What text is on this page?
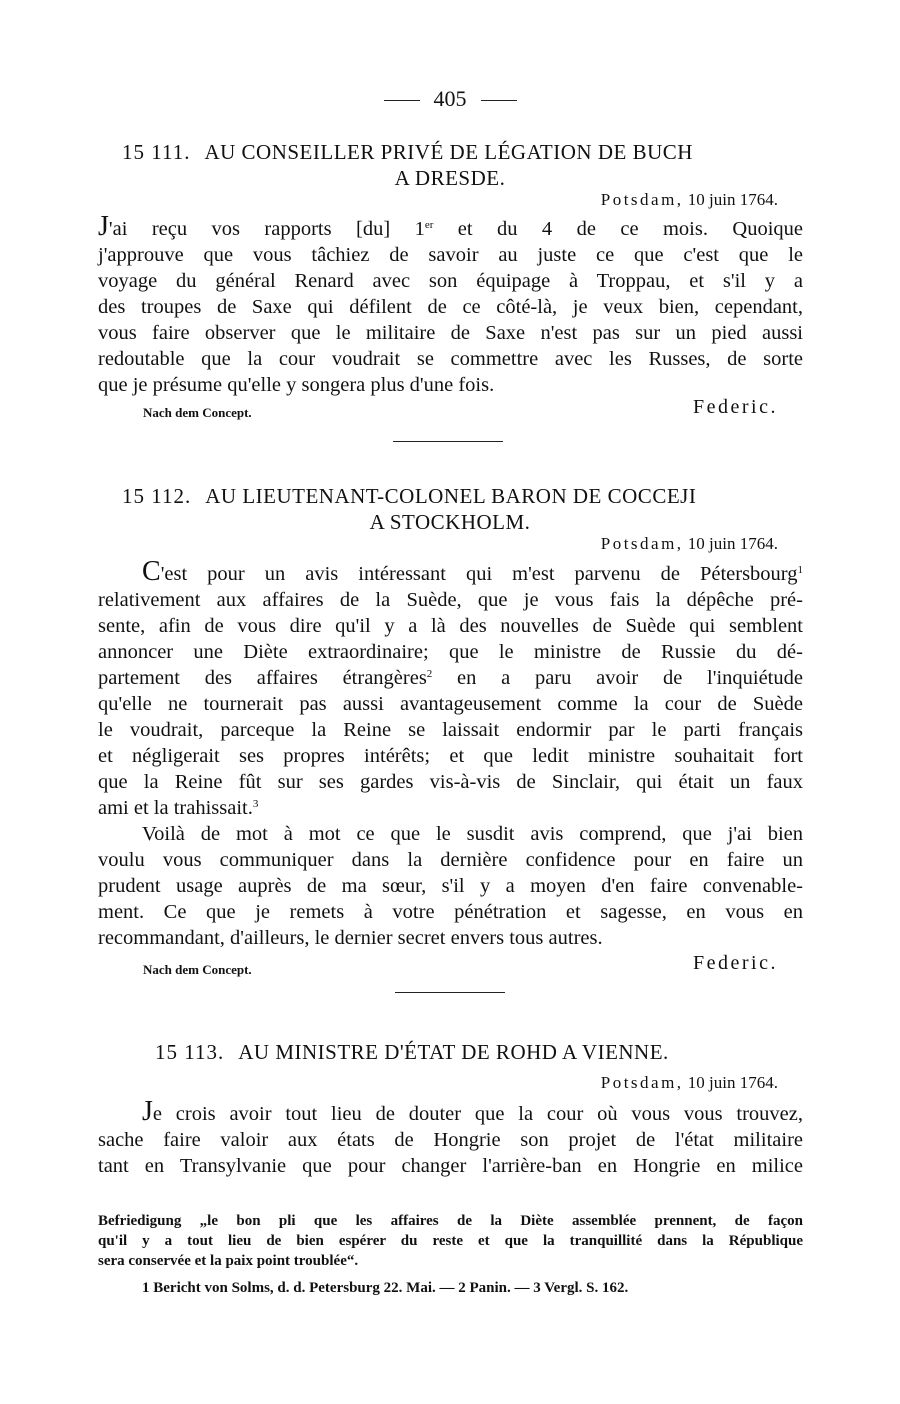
405
15 111. AU CONSEILLER PRIVÉ DE LÉGATION DE BUCH
A DRESDE.
Potsdam, 10 juin 1764.
J'ai reçu vos rapports [du] 1er et du 4 de ce mois. Quoique
j'approuve que vous tâchiez de savoir au juste ce que c'est que le
voyage du général Renard avec son équipage à Troppau, et s'il y a
des troupes de Saxe qui défilent de ce côté-là, je veux bien, cependant,
vous faire observer que le militaire de Saxe n'est pas sur un pied aussi
redoutable que la cour voudrait se commettre avec les Russes, de sorte
que je présume qu'elle y songera plus d'une fois.
Nach dem Concept.	Federic.
15 112. AU LIEUTENANT-COLONEL BARON DE COCCEJI
A STOCKHOLM.
Potsdam, 10 juin 1764.
C'est pour un avis intéressant qui m'est parvenu de Pétersbourg$^1$
relativement aux affaires de la Suède, que je vous fais la dépêche pré-
sente, afin de vous dire qu'il y a là des nouvelles de Suède qui semblent
annoncer une Diète extraordinaire; que le ministre de Russie du dé-
partement des affaires étrangères$^2$ en a paru avoir de l'inquiétude
qu'elle ne tournerait pas aussi avantageusement comme la cour de Suède
le voudrait, parceque la Reine se laissait endormir par le parti français
et négligerait ses propres intérêts; et que ledit ministre souhaitait fort
que la Reine fût sur ses gardes vis-à-vis de Sinclair, qui était un faux
ami et la trahissait.$^3$
Voilà de mot à mot ce que le susdit avis comprend, que j'ai bien
voulu vous communiquer dans la dernière confidence pour en faire un
prudent usage auprès de ma sœur, s'il y a moyen d'en faire convenable-
ment. Ce que je remets à votre pénétration et sagesse, en vous en
recommandant, d'ailleurs, le dernier secret envers tous autres.
Nach dem Concept.	Federic.
15 113. AU MINISTRE D'ÉTAT DE ROHD A VIENNE.
Potsdam, 10 juin 1764.
Je crois avoir tout lieu de douter que la cour où vous vous trouvez,
sache faire valoir aux états de Hongrie son projet de l'état militaire
tant en Transylvanie que pour changer l'arrière-ban en Hongrie en milice
Befriedigung „le bon pli que les affaires de la Diète assemblée prennent, de façon
qu'il y a tout lieu de bien espérer du reste et que la tranquillité dans la République
sera conservée et la paix point troublée“.
1 Bericht von Solms, d. d. Petersburg 22. Mai. — 2 Panin. — 3 Vergl. S. 162.
